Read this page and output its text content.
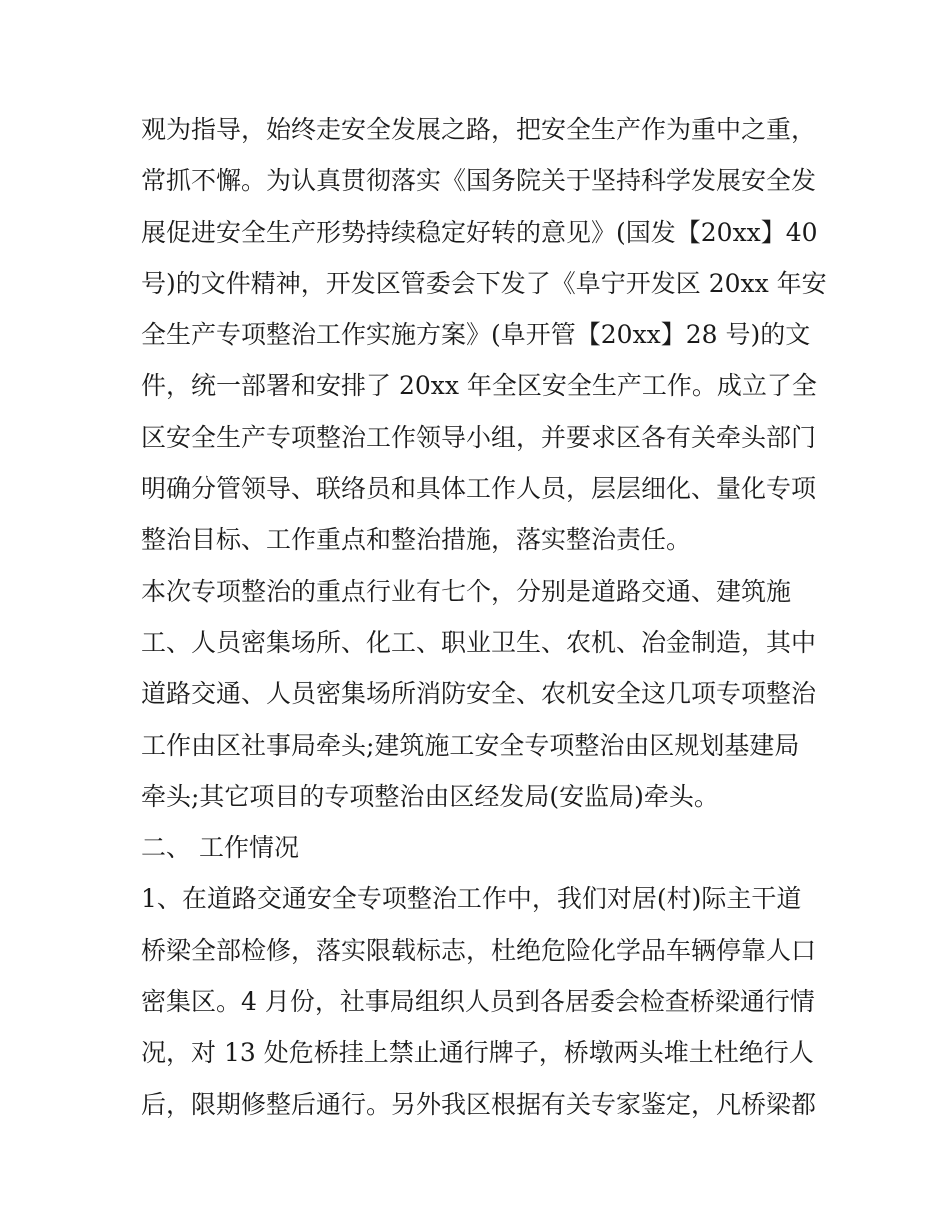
观为指导，始终走安全发展之路，把安全生产作为重中之重，
常抓不懈。为认真贯彻落实《国务院关于坚持科学发展安全发
展促进安全生产形势持续稳定好转的意见》(国发【20xx】40
号)的文件精神，开发区管委会下发了《阜宁开发区 20xx 年安
全生产专项整治工作实施方案》(阜开管【20xx】28 号)的文
件，统一部署和安排了 20xx 年全区安全生产工作。成立了全
区安全生产专项整治工作领导小组，并要求区各有关牵头部门
明确分管领导、联络员和具体工作人员，层层细化、量化专项
整治目标、工作重点和整治措施，落实整治责任。
本次专项整治的重点行业有七个，分别是道路交通、建筑施
工、人员密集场所、化工、职业卫生、农机、冶金制造，其中
道路交通、人员密集场所消防安全、农机安全这几项专项整治
工作由区社事局牵头;建筑施工安全专项整治由区规划基建局
牵头;其它项目的专项整治由区经发局(安监局)牵头。
二、 工作情况
1、在道路交通安全专项整治工作中，我们对居(村)际主干道
桥梁全部检修，落实限载标志，杜绝危险化学品车辆停靠人口
密集区。4 月份，社事局组织人员到各居委会检查桥梁通行情
况，对 13 处危桥挂上禁止通行牌子，桥墩两头堆土杜绝行人
后，限期修整后通行。另外我区根据有关专家鉴定，凡桥梁都
